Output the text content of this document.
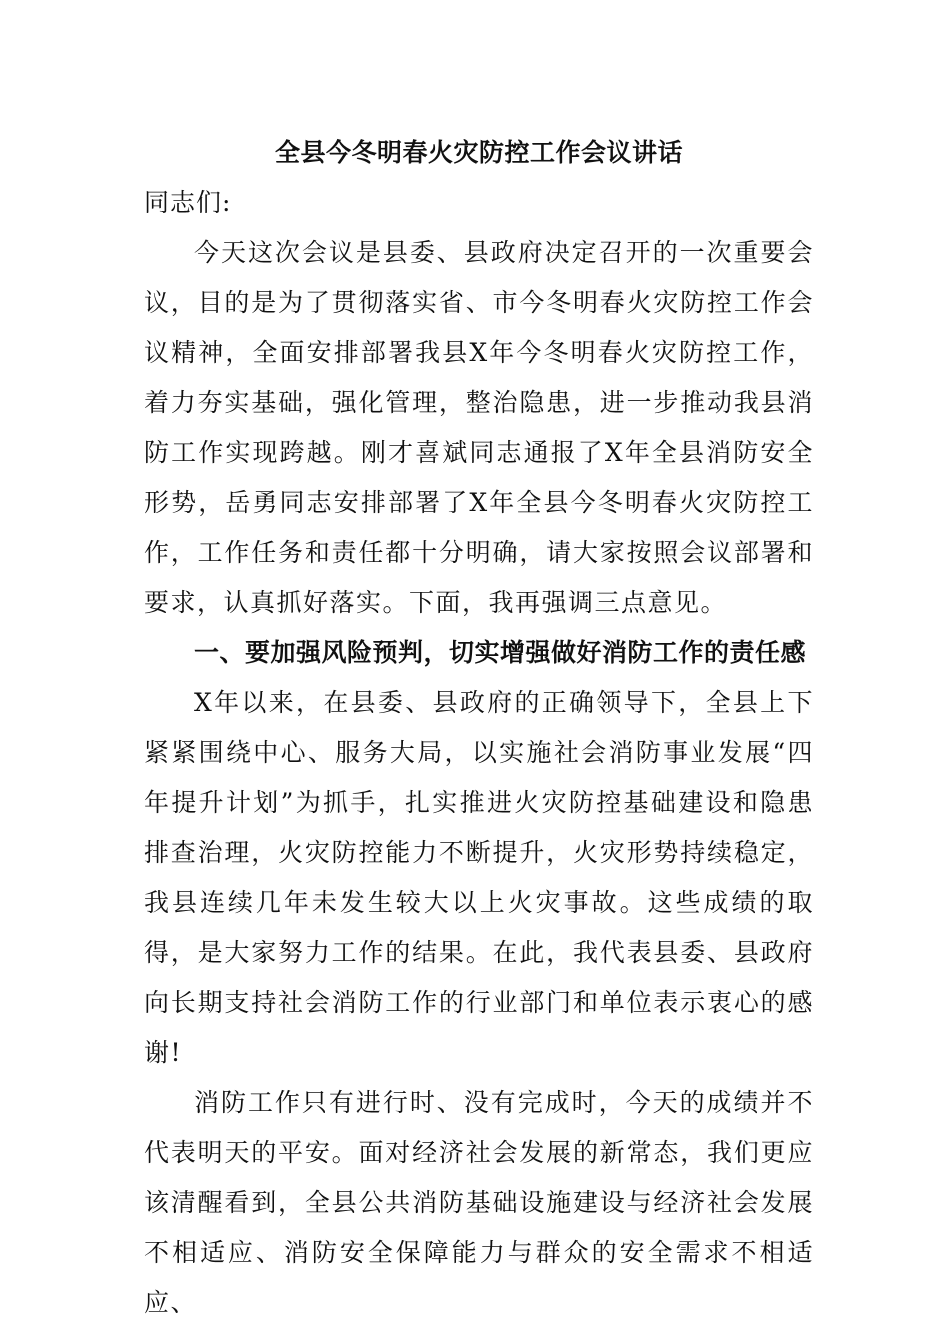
全县今冬明春火灾防控工作会议讲话

同志们:

今天这次会议是县委、县政府决定召开的一次重要会议，目的是为了贯彻落实省、市今冬明春火灾防控工作会议精神，全面安排部署我县X年今冬明春火灾防控工作，着力夯实基础，强化管理，整治隐患，进一步推动我县消防工作实现跨越。刚才喜斌同志通报了X年全县消防安全形势，岳勇同志安排部署了X年全县今冬明春火灾防控工作，工作任务和责任都十分明确，请大家按照会议部署和要求，认真抓好落实。下面，我再强调三点意见。

一、要加强风险预判，切实增强做好消防工作的责任感

X年以来，在县委、县政府的正确领导下，全县上下紧紧围绕中心、服务大局，以实施社会消防事业发展“四年提升计划”为抓手，扎实推进火灾防控基础建设和隐患排查治理，火灾防控能力不断提升，火灾形势持续稳定，我县连续几年未发生较大以上火灾事故。这些成绩的取得，是大家努力工作的结果。在此，我代表县委、县政府向长期支持社会消防工作的行业部门和单位表示衷心的感谢!

消防工作只有进行时、没有完成时，今天的成绩并不代表明天的平安。面对经济社会发展的新常态，我们更应该清醒看到，全县公共消防基础设施建设与经济社会发展不相适应、消防安全保障能力与群众的安全需求不相适应、
